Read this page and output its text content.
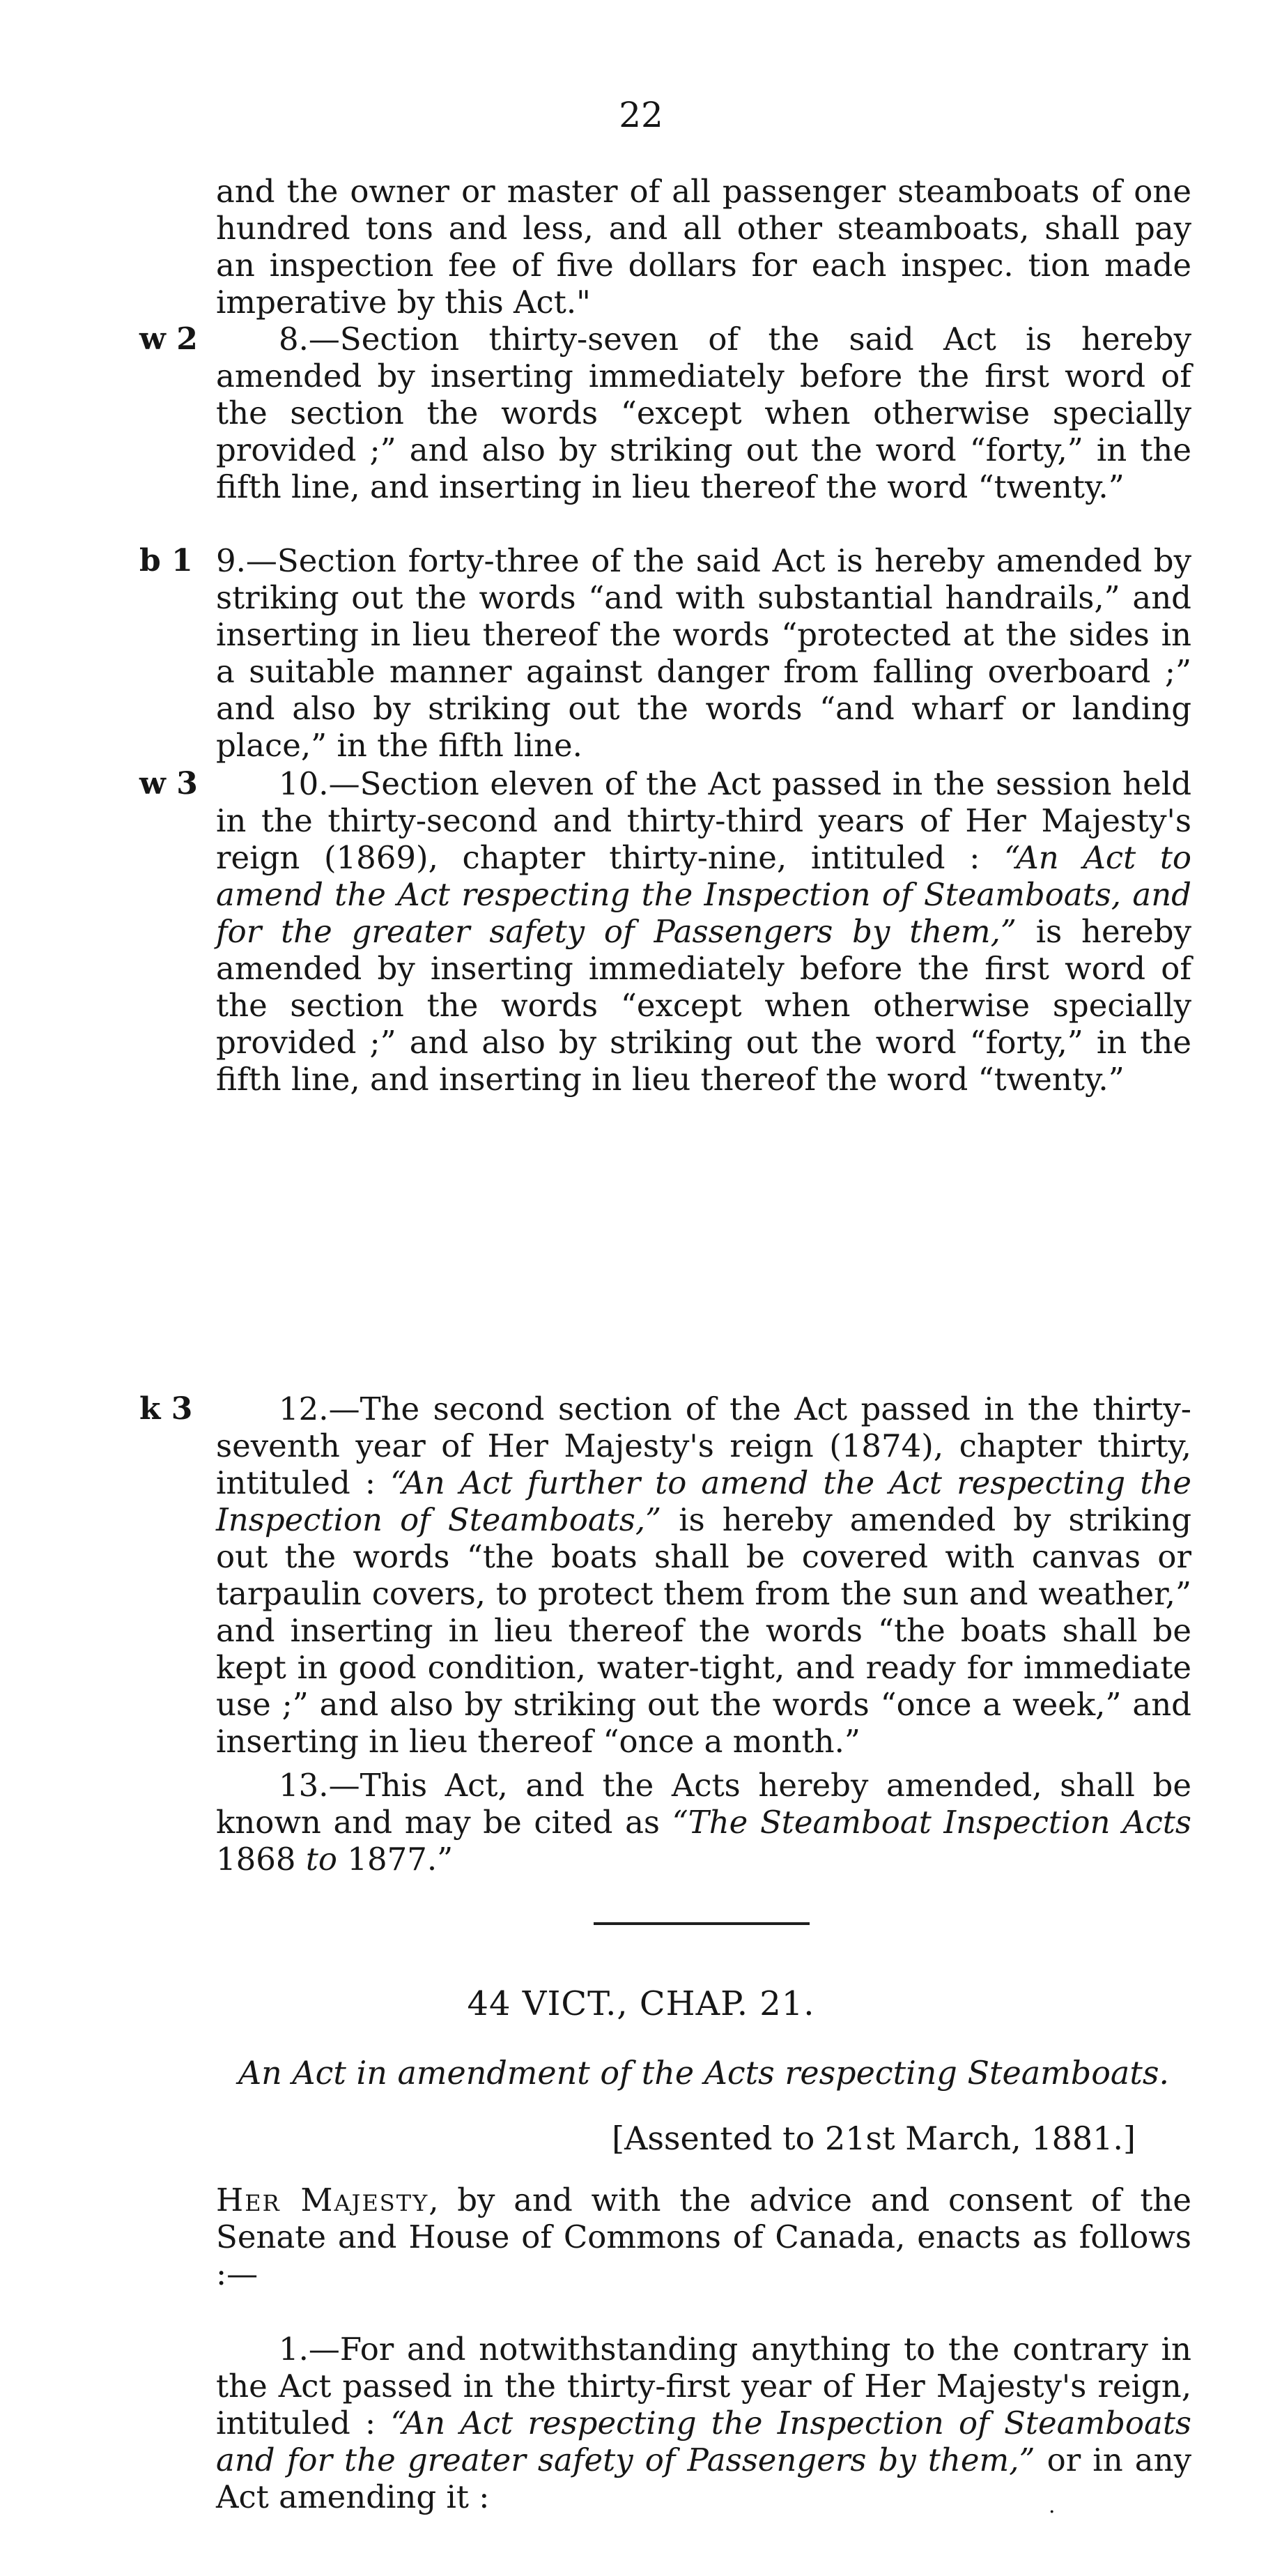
22

and the owner or master of all passenger steamboats of one hundred tons and less, and all other steamboats, shall pay an inspection fee of five dollars for each inspec. tion made imperative by this Act."

w 2	8.—Section thirty-seven of the said Act is hereby amended by inserting immediately before the first word of the section the words “except when otherwise specially provided ;” and also by striking out the word “forty,” in the fifth line, and inserting in lieu thereof the word “twenty.”

b 1 9.—Section forty-three of the said Act is hereby amended by striking out the words “and with substantial handrails,” and inserting in lieu thereof the words “protected at the sides in a suitable manner against danger from falling overboard ;” and also by striking out the words “and wharf or landing place,” in the fifth line.

w 3	10.—Section eleven of the Act passed in the session held in the thirty-second and thirty-third years of Her Majesty's reign (1869), chapter thirty-nine, intituled : “An Act to amend the Act respecting the Inspection of Steamboats, and for the greater safety of Passengers by them,” is hereby amended by inserting immediately before the first word of the section the words “except when otherwise specially provided ;” and also by striking out the word “forty,” in the fifth line, and inserting in lieu thereof the word “twenty.”

k 3	12.—The second section of the Act passed in the thirty-seventh year of Her Majesty's reign (1874), chapter thirty, intituled : “An Act further to amend the Act respecting the Inspection of Steamboats,” is hereby amended by striking out the words “the boats shall be covered with canvas or tarpaulin covers, to protect them from the sun and weather,” and inserting in lieu thereof the words “the boats shall be kept in good condition, water-tight, and ready for immediate use ;” and also by striking out the words “once a week,” and inserting in lieu thereof “once a month.”

13.—This Act, and the Acts hereby amended, shall be known and may be cited as “The Steamboat Inspection Acts 1868 to 1877.”

44 VICT., CHAP. 21.
An Act in amendment of the Acts respecting Steamboats.
[Assented to 21st March, 1881.]

Her Majesty, by and with the advice and consent of the Senate and House of Commons of Canada, enacts as follows :—

1.—For and notwithstanding anything to the contrary in the Act passed in the thirty-first year of Her Majesty's reign, intituled : “An Act respecting the Inspection of Steamboats and for the greater safety of Passengers by them,” or in any Act amending it :	·
